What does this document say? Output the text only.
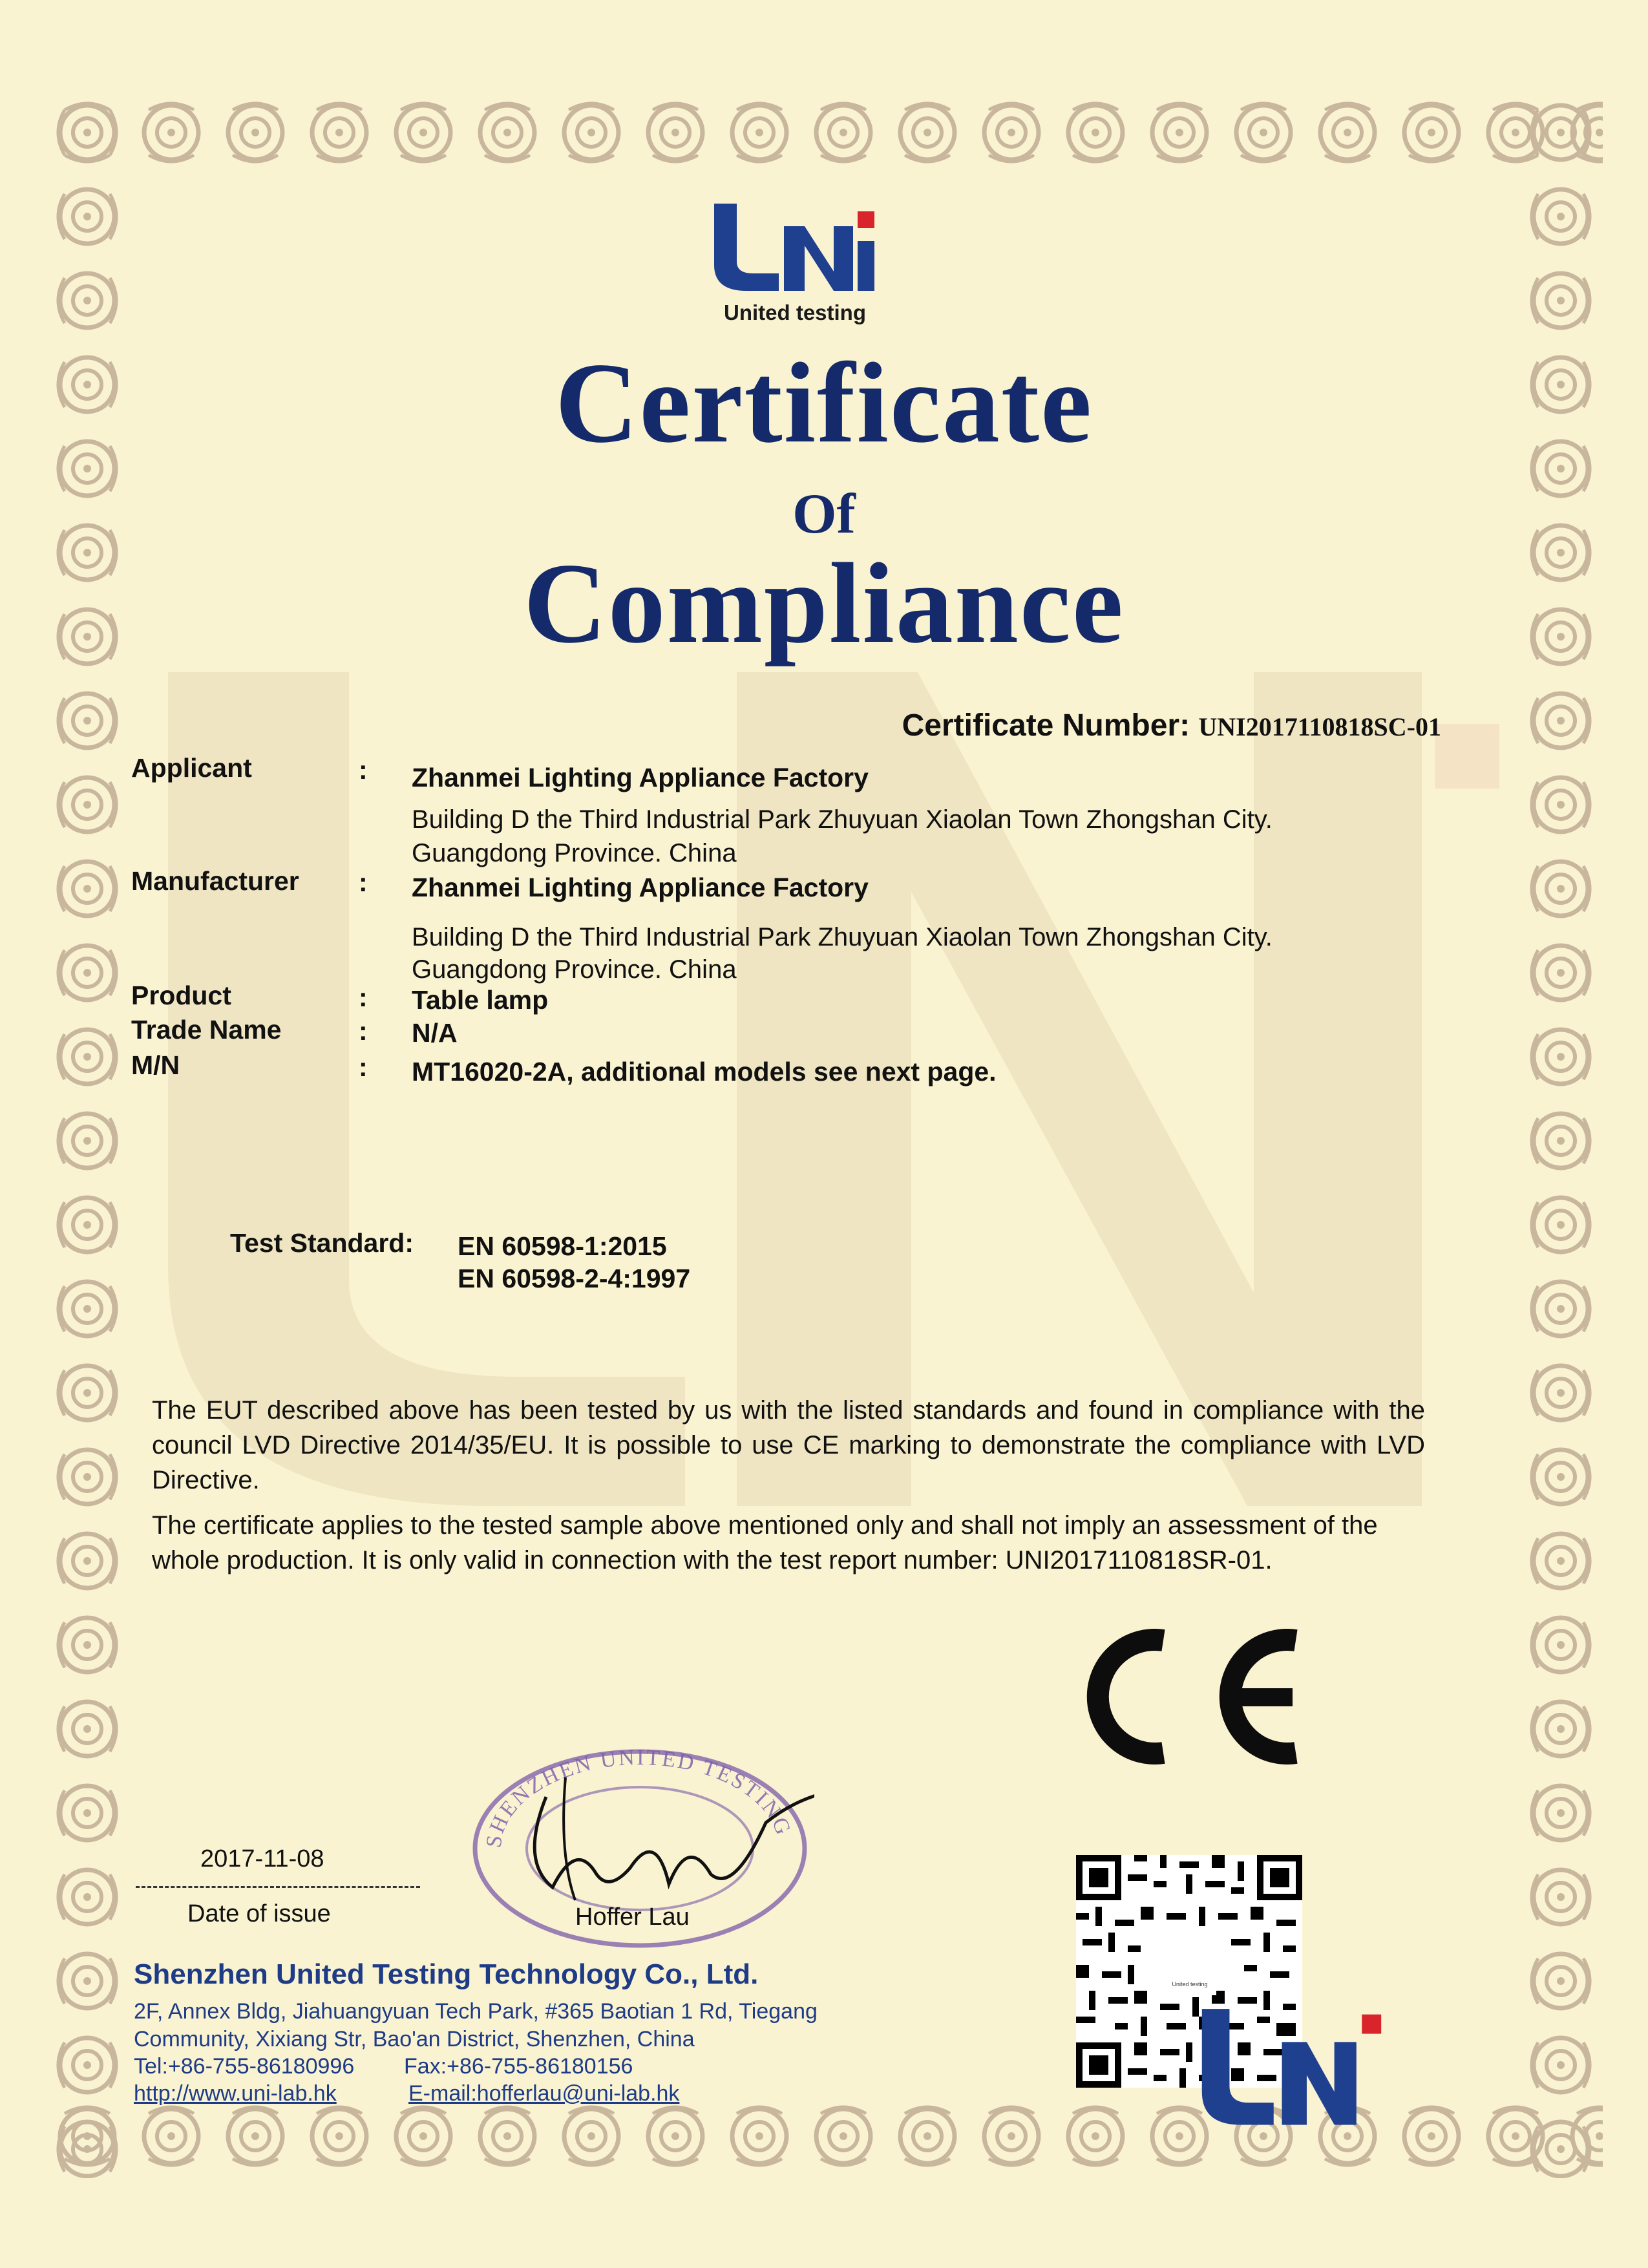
United testing
Certificate
Of
Compliance
Certificate Number: UNI2017110818SC-01
Applicant	: Zhanmei Lighting Appliance Factory
Building D the Third Industrial Park Zhuyuan Xiaolan Town Zhongshan City.
Guangdong Province. China
Manufacturer : Zhanmei Lighting Appliance Factory
Building D the Third Industrial Park Zhuyuan Xiaolan Town Zhongshan City.
Guangdong Province. China
Product	: Table lamp
Trade Name	: N/A
M/N	: MT16020-2A, additional models see next page.
Test Standard: EN 60598-1:2015
EN 60598-2-4:1997
The EUT described above has been tested by us with the listed standards and found in compliance with the council LVD Directive 2014/35/EU. It is possible to use CE marking to demonstrate the compliance with LVD Directive.
The certificate applies to the tested sample above mentioned only and shall not imply an assessment of the whole production. It is only valid in connection with the test report number: UNI2017110818SR-01.
SHENZHEN UNITED TESTING
2017-11-08
Date of issue	Hoffer Lau
Shenzhen United Testing Technology Co., Ltd.
2F, Annex Bldg, Jiahuangyuan Tech Park, #365 Baotian 1 Rd, Tiegang
Community, Xixiang Str, Bao'an District, Shenzhen, China
Tel:+86-755-86180996 Fax:+86-755-86180156
http://www.uni-lab.hk	E-mail:hofferlau@uni-lab.hk
United testing
